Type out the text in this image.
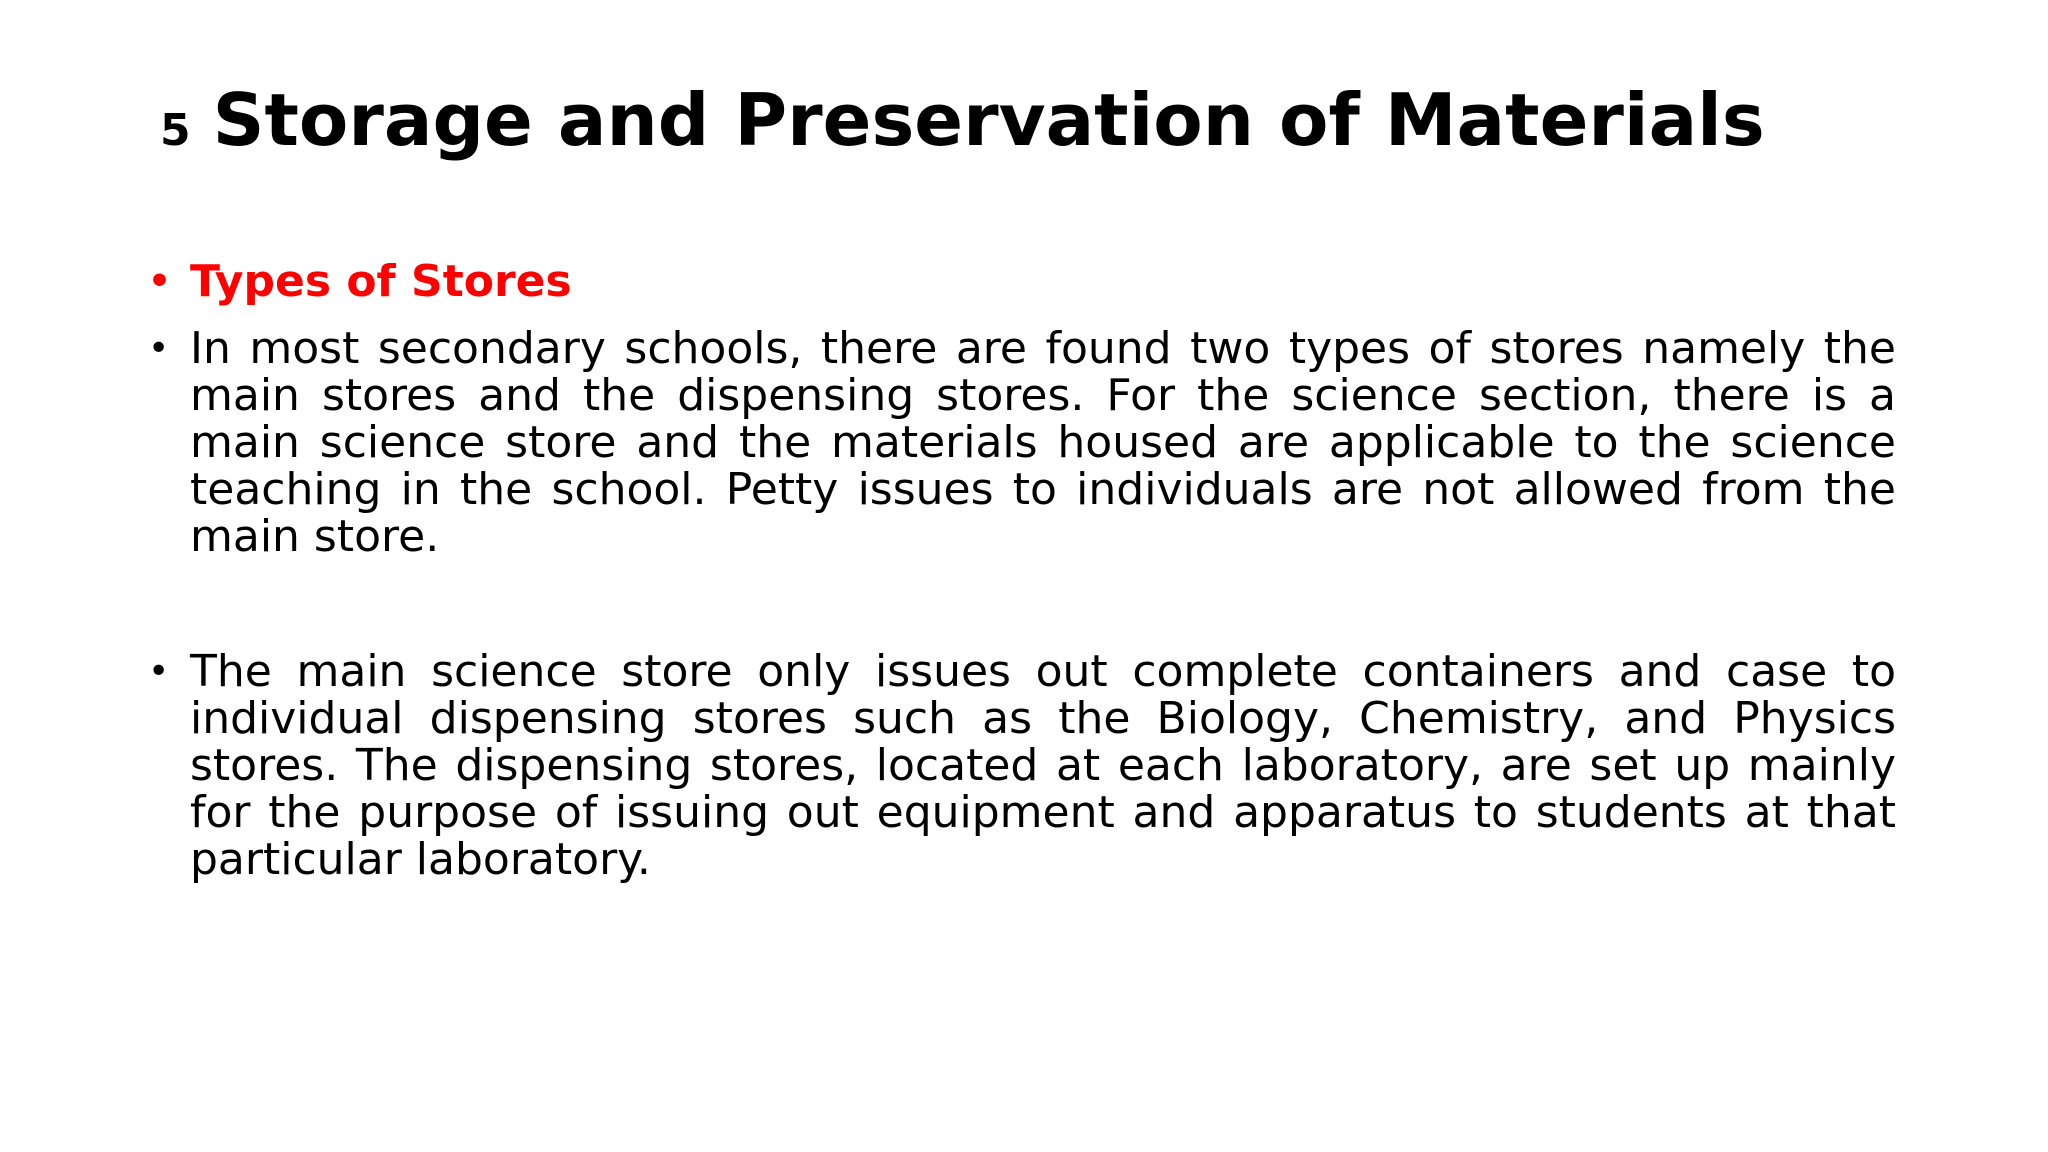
5 Storage and Preservation of Materials
• Types of Stores
• In most secondary schools, there are found two types of stores namely the main stores and the dispensing stores. For the science section, there is a main science store and the materials housed are applicable to the science teaching in the school. Petty issues to individuals are not allowed from the main store.
• The main science store only issues out complete containers and case to individual dispensing stores such as the Biology, Chemistry, and Physics stores. The dispensing stores, located at each laboratory, are set up mainly for the purpose of issuing out equipment and apparatus to students at that particular laboratory.
